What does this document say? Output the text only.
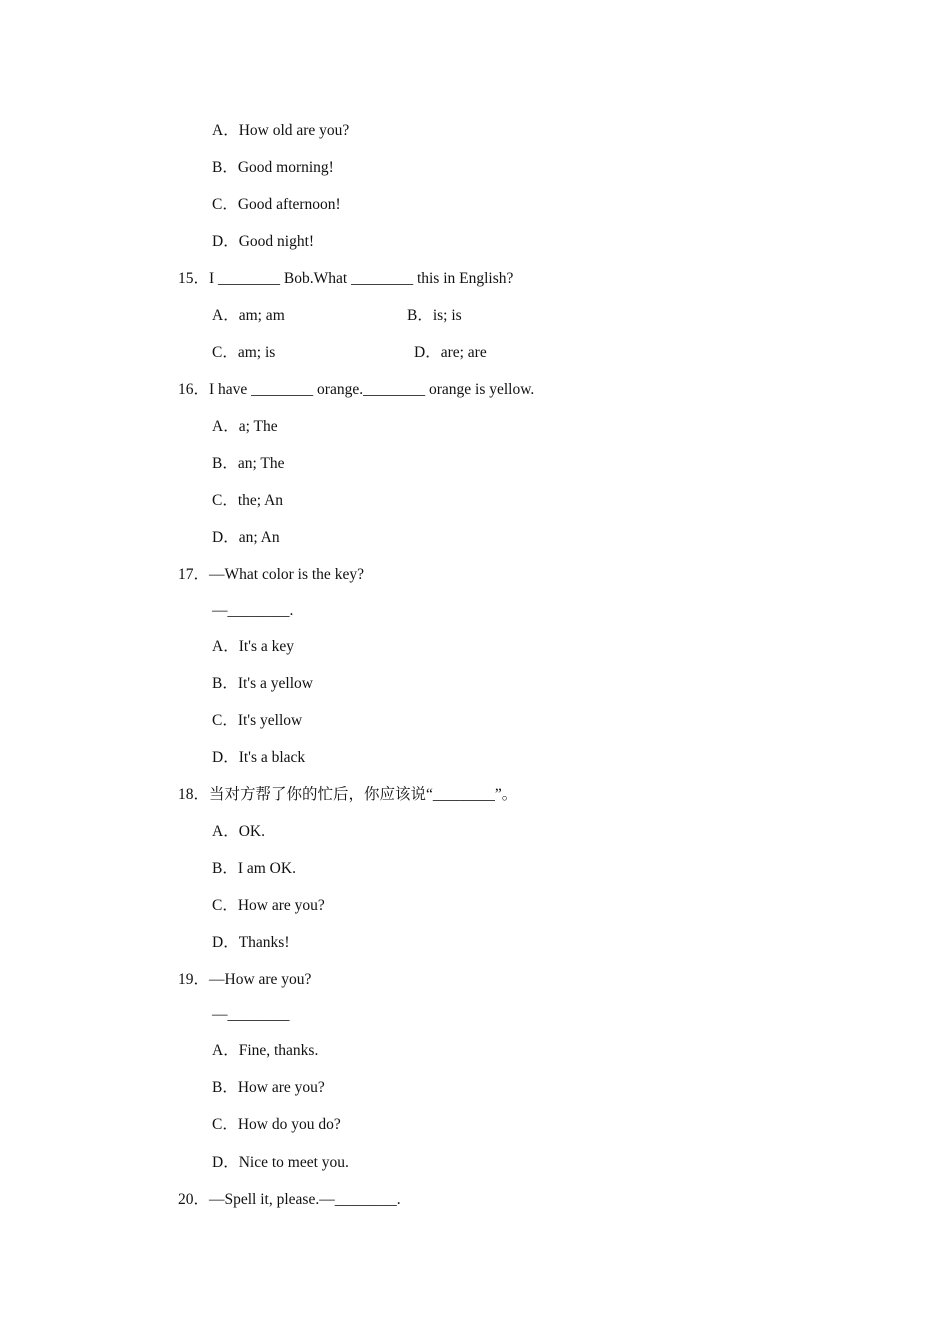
A．How old are you?
B．Good morning!
C．Good afternoon!
D．Good night!
15．I ________ Bob.What ________ this in English?
A．am; am	B．is; is
C．am; is	D．are; are
16．I have ________ orange.________ orange is yellow.
A．a; The
B．an; The
C．the; An
D．an; An
17．—What color is the key?
—________.
A．It's a key
B．It's a yellow
C．It's yellow
D．It's a black
18．当对方帮了你的忙后，你应该说“________”。
A．OK.
B．I am OK.
C．How are you?
D．Thanks!
19．—How are you?
—________
A．Fine, thanks.
B．How are you?
C．How do you do?
D．Nice to meet you.
20．—Spell it, please.—________.
